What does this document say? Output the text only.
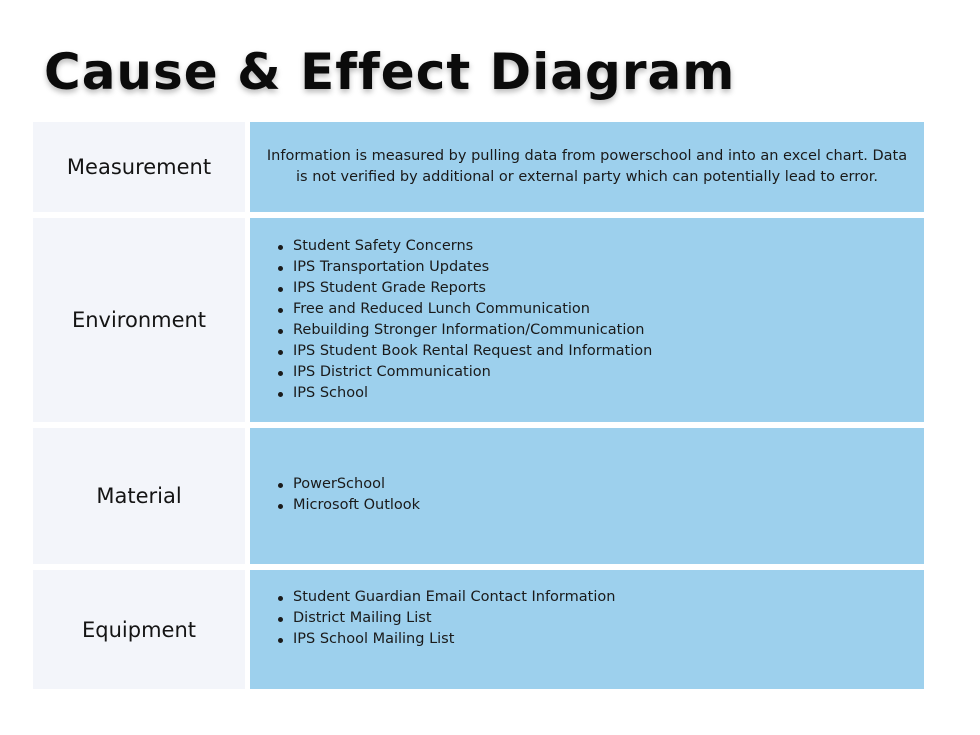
Cause & Effect Diagram
Measurement	Information is measured by pulling data from powerschool and into an excel chart. Data is not verified by additional or external party which can potentially lead to error.

Environment
Student Safety Concerns
IPS Transportation Updates
IPS Student Grade Reports
Free and Reduced Lunch Communication
Rebuilding Stronger Information/Communication
IPS Student Book Rental Request and Information
IPS District Communication
IPS School
Material	PowerSchool
Microsoft Outlook
Equipment
Student Guardian Email Contact Information
District Mailing List
IPS School Mailing List
